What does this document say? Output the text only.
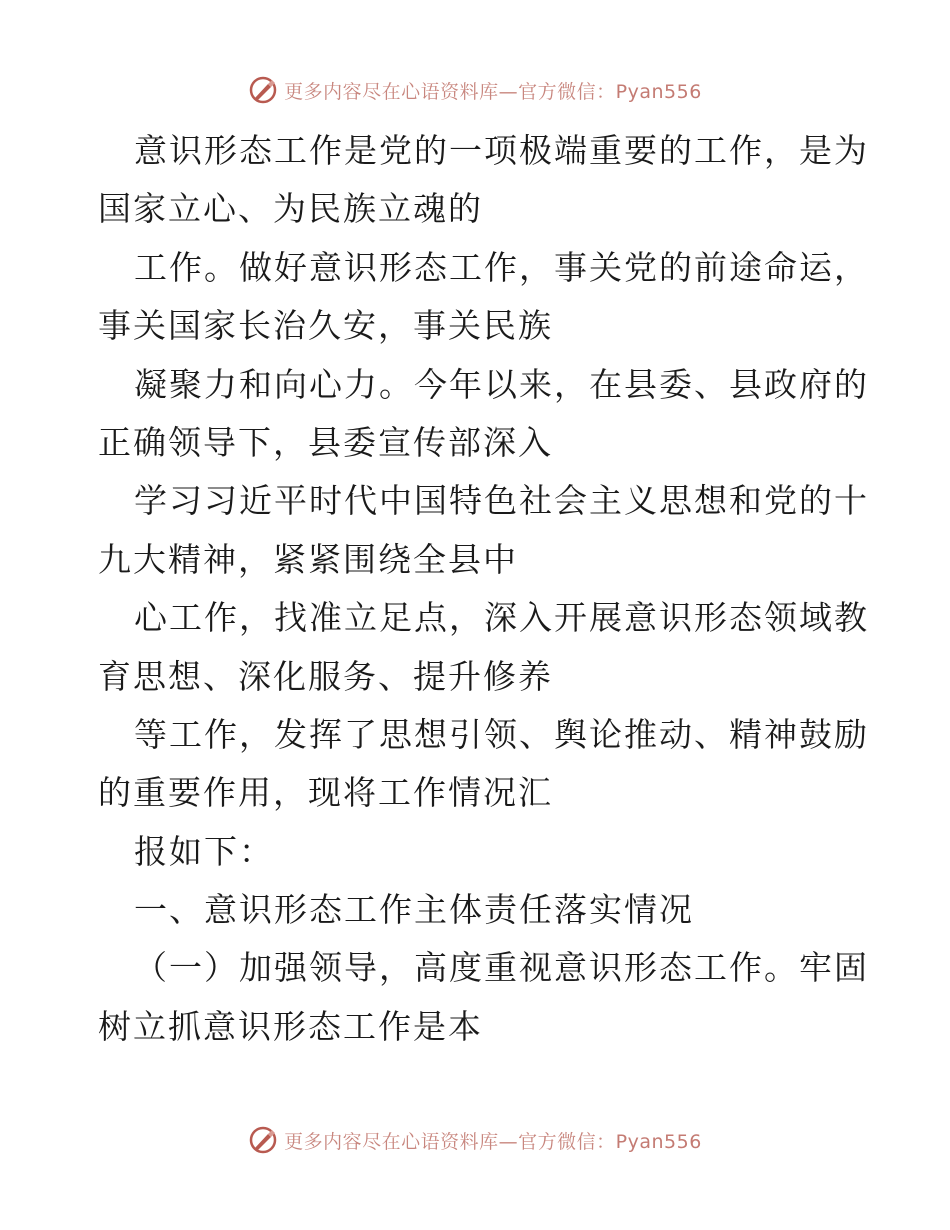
更多内容尽在心语资料库—官方微信：Pyan556
意识形态工作是党的一项极端重要的工作，是为
国家立心、为民族立魂的
工作。做好意识形态工作，事关党的前途命运，
事关国家长治久安，事关民族
凝聚力和向心力。今年以来，在县委、县政府的
正确领导下，县委宣传部深入
学习习近平时代中国特色社会主义思想和党的十
九大精神，紧紧围绕全县中
心工作，找准立足点，深入开展意识形态领域教
育思想、深化服务、提升修养
等工作，发挥了思想引领、舆论推动、精神鼓励
的重要作用，现将工作情况汇
报如下：
一、意识形态工作主体责任落实情况
（一）加强领导，高度重视意识形态工作。牢固
树立抓意识形态工作是本
更多内容尽在心语资料库—官方微信：Pyan556
